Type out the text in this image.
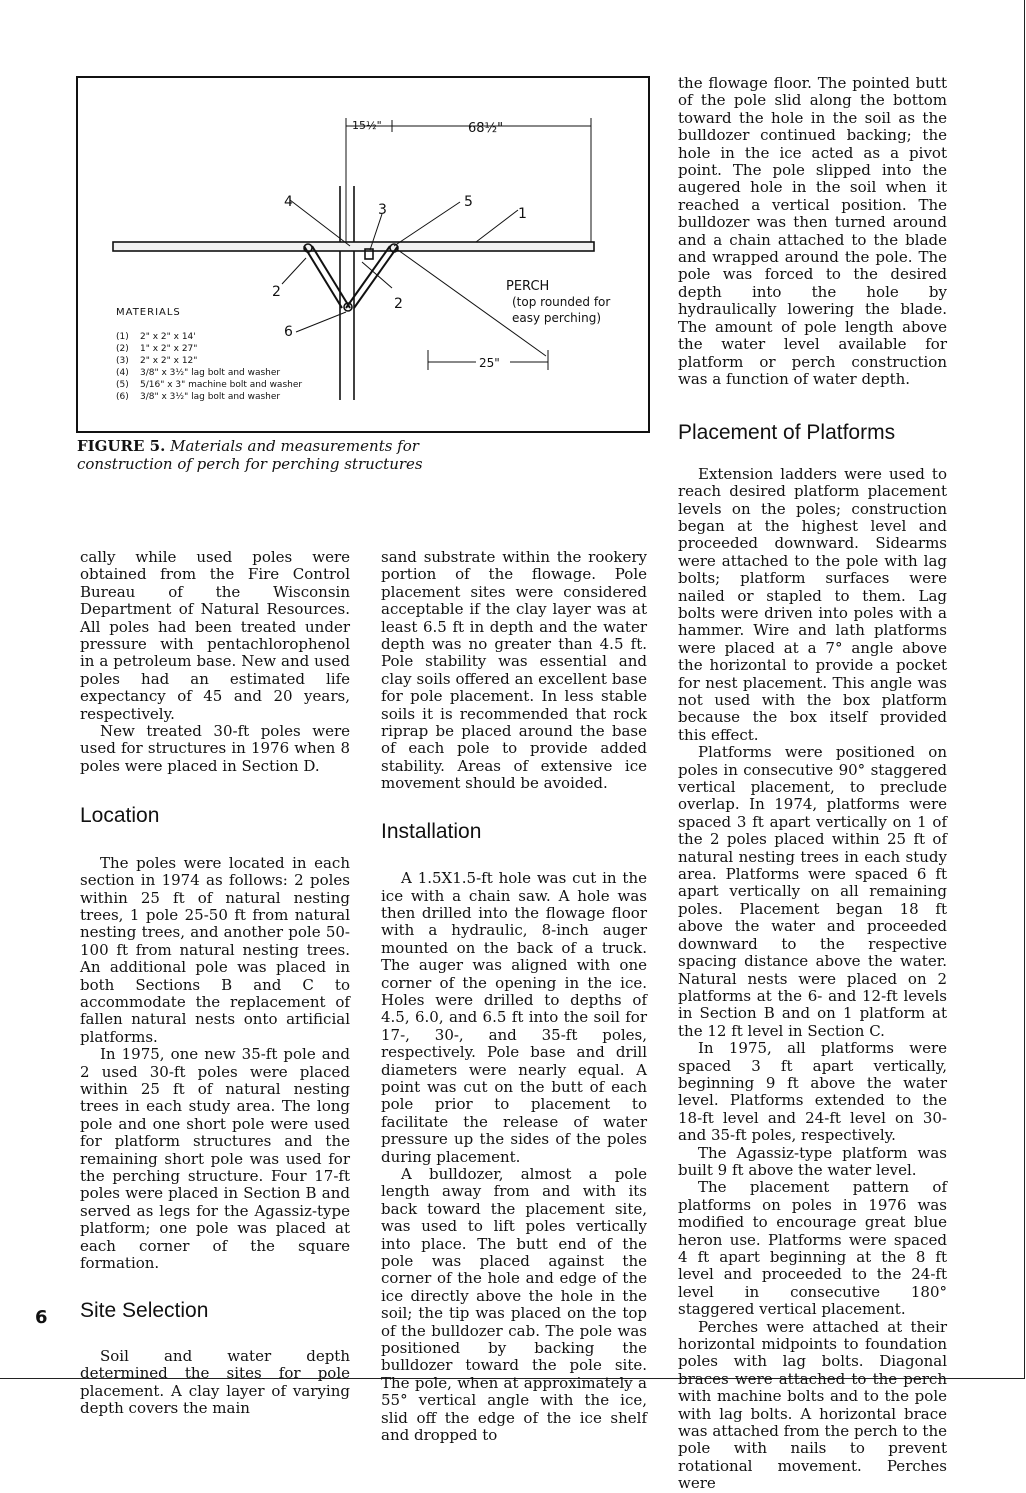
15½"	68½"
25"
4	3	5
1
2
2
6
PERCH
(top rounded for
easy perching)
MATERIALS
(1) 2" x 2" x 14'
(2) 1" x 2" x 27"
(3) 2" x 2" x 12"
(4) 3/8" x 3½" lag bolt and washer
(5) 5/16" x 3" machine bolt and washer
(6) 3/8" x 3½" lag bolt and washer
FIGURE 5. Materials and measurements for construction of perch for perching structures

cally while used poles were obtained from the Fire Control Bureau of the Wisconsin Department of Natural Resources. All poles had been treated under pressure with pentachlorophenol in a petroleum base. New and used poles had an estimated life expectancy of 45 and 20 years, respectively.

New treated 30-ft poles were used for structures in 1976 when 8 poles were placed in Section D.

Location

The poles were located in each section in 1974 as follows: 2 poles within 25 ft of natural nesting trees, 1 pole 25-50 ft from natural nesting trees, and another pole 50-100 ft from natural nesting trees. An additional pole was placed in both Sections B and C to accommodate the replacement of fallen natural nests onto artificial platforms.

In 1975, one new 35-ft pole and 2 used 30-ft poles were placed within 25 ft of natural nesting trees in each study area. The long pole and one short pole were used for platform structures and the remaining short pole was used for the perching structure. Four 17-ft poles were placed in Section B and served as legs for the Agassiz-type platform; one pole was placed at each corner of the square formation.

Site Selection

Soil and water depth determined the sites for pole placement. A clay layer of varying depth covers the main

sand substrate within the rookery portion of the flowage. Pole placement sites were considered acceptable if the clay layer was at least 6.5 ft in depth and the water depth was no greater than 4.5 ft. Pole stability was essential and clay soils offered an excellent base for pole placement. In less stable soils it is recommended that rock riprap be placed around the base of each pole to provide added stability. Areas of extensive ice movement should be avoided.

Installation

A 1.5X1.5-ft hole was cut in the ice with a chain saw. A hole was then drilled into the flowage floor with a hydraulic, 8-inch auger mounted on the back of a truck. The auger was aligned with one corner of the opening in the ice. Holes were drilled to depths of 4.5, 6.0, and 6.5 ft into the soil for 17-, 30-, and 35-ft poles, respectively. Pole base and drill diameters were nearly equal. A point was cut on the butt of each pole prior to placement to facilitate the release of water pressure up the sides of the poles during placement.

A bulldozer, almost a pole length away from and with its back toward the placement site, was used to lift poles vertically into place. The butt end of the pole was placed against the corner of the hole and edge of the ice directly above the hole in the soil; the tip was placed on the top of the bulldozer cab. The pole was positioned by backing the bulldozer toward the pole site. The pole, when at approximately a 55° vertical angle with the ice, slid off the edge of the ice shelf and dropped to

the flowage floor. The pointed butt of the pole slid along the bottom toward the hole in the soil as the bulldozer continued backing; the hole in the ice acted as a pivot point. The pole slipped into the augered hole in the soil when it reached a vertical position. The bulldozer was then turned around and a chain attached to the blade and wrapped around the pole. The pole was forced to the desired depth into the hole by hydraulically lowering the blade. The amount of pole length above the water level available for platform or perch construction was a function of water depth.

Placement of Platforms

Extension ladders were used to reach desired platform placement levels on the poles; construction began at the highest level and proceeded downward. Sidearms were attached to the pole with lag bolts; platform surfaces were nailed or stapled to them. Lag bolts were driven into poles with a hammer. Wire and lath platforms were placed at a 7° angle above the horizontal to provide a pocket for nest placement. This angle was not used with the box platform because the box itself provided this effect.

Platforms were positioned on poles in consecutive 90° staggered vertical placement, to preclude overlap. In 1974, platforms were spaced 3 ft apart vertically on 1 of the 2 poles placed within 25 ft of natural nesting trees in each study area. Platforms were spaced 6 ft apart vertically on all remaining poles. Placement began 18 ft above the water and proceeded downward to the respective spacing distance above the water. Natural nests were placed on 2 platforms at the 6- and 12-ft levels in Section B and on 1 platform at the 12 ft level in Section C.

In 1975, all platforms were spaced 3 ft apart vertically, beginning 9 ft above the water level. Platforms extended to the 18-ft level and 24-ft level on 30- and 35-ft poles, respectively.

The Agassiz-type platform was built 9 ft above the water level.

The placement pattern of platforms on poles in 1976 was modified to encourage great blue heron use. Platforms were spaced 4 ft apart beginning at the 8 ft level and proceeded to the 24-ft level in consecutive 180° staggered vertical placement.

Perches were attached at their horizontal midpoints to foundation poles with lag bolts. Diagonal braces were attached to the perch with machine bolts and to the pole with lag bolts. A horizontal brace was attached from the perch to the pole with nails to prevent rotational movement. Perches were

6
